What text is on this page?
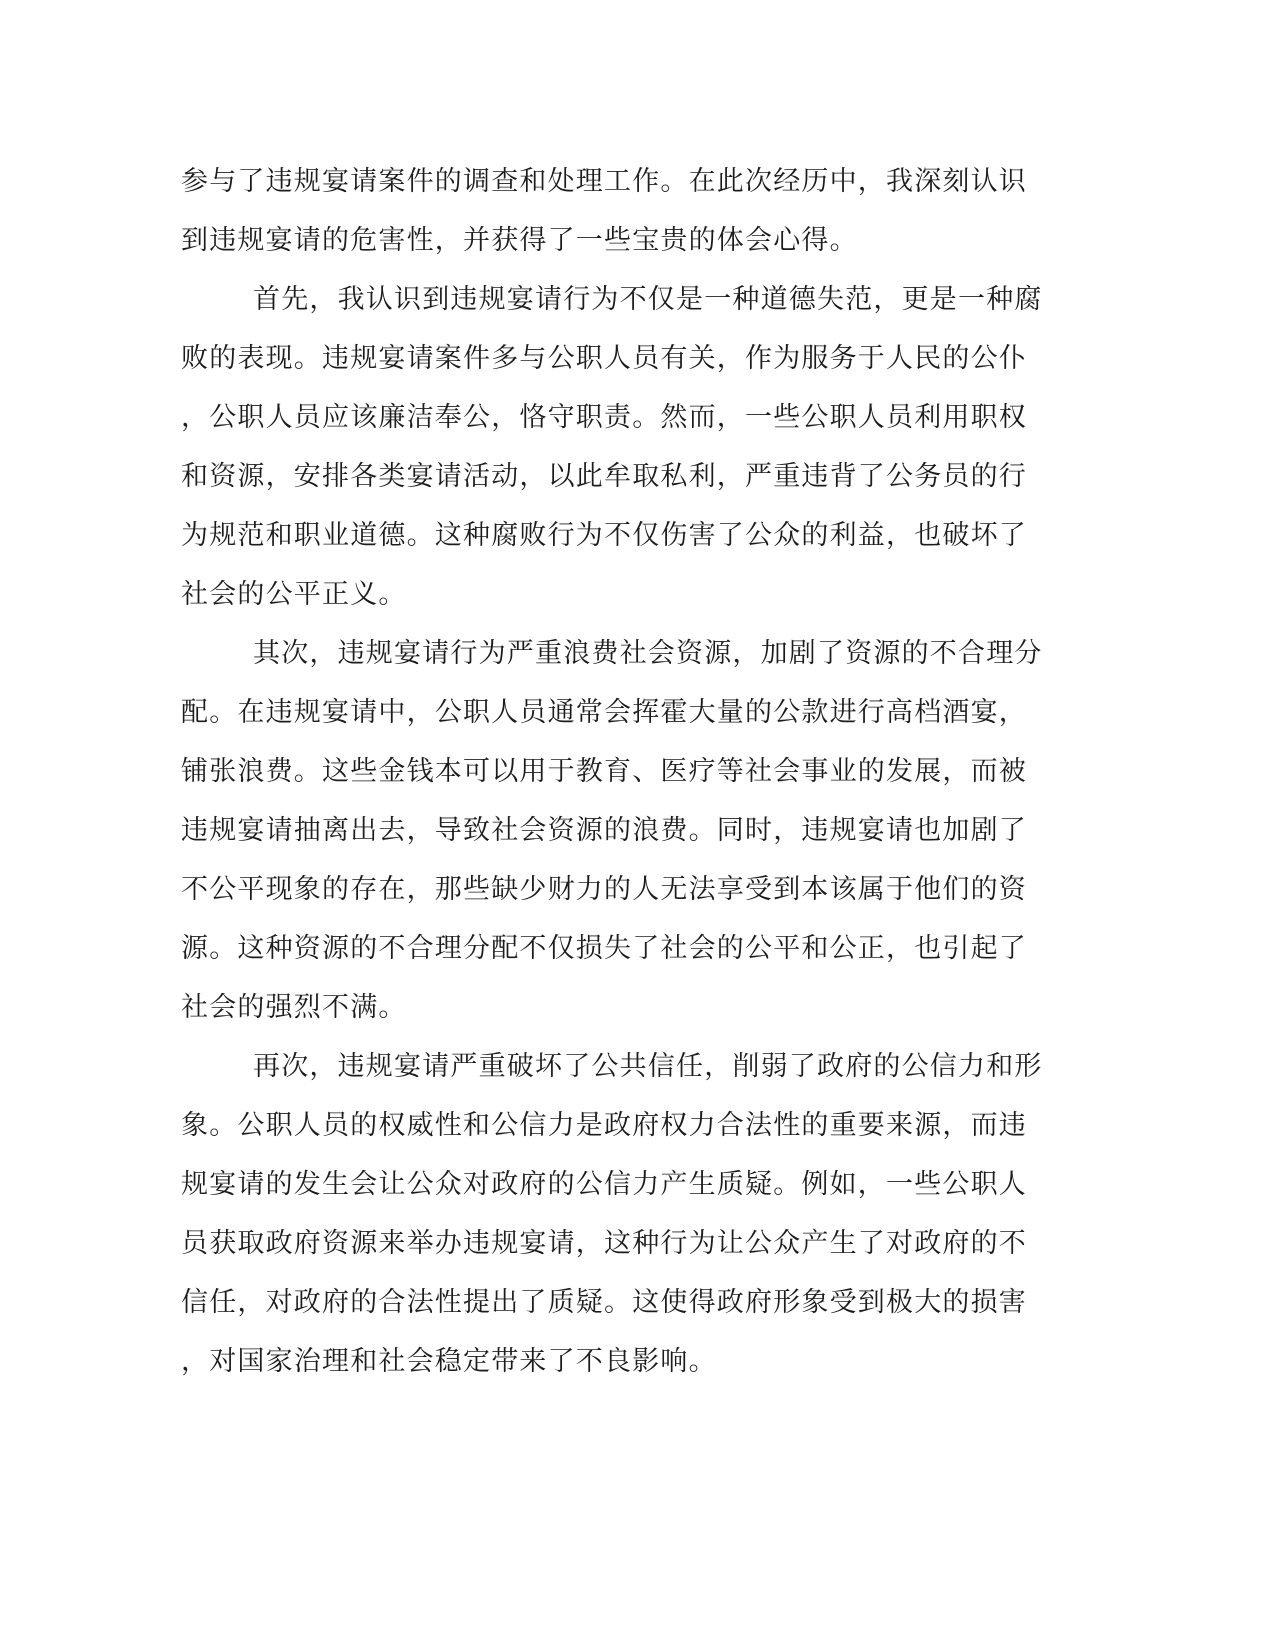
参与了违规宴请案件的调查和处理工作。在此次经历中，我深刻认识
到违规宴请的危害性，并获得了一些宝贵的体会心得。
首先，我认识到违规宴请行为不仅是一种道德失范，更是一种腐
败的表现。违规宴请案件多与公职人员有关，作为服务于人民的公仆
，公职人员应该廉洁奉公，恪守职责。然而，一些公职人员利用职权
和资源，安排各类宴请活动，以此牟取私利，严重违背了公务员的行
为规范和职业道德。这种腐败行为不仅伤害了公众的利益，也破坏了
社会的公平正义。
其次，违规宴请行为严重浪费社会资源，加剧了资源的不合理分
配。在违规宴请中，公职人员通常会挥霍大量的公款进行高档酒宴，
铺张浪费。这些金钱本可以用于教育、医疗等社会事业的发展，而被
违规宴请抽离出去，导致社会资源的浪费。同时，违规宴请也加剧了
不公平现象的存在，那些缺少财力的人无法享受到本该属于他们的资
源。这种资源的不合理分配不仅损失了社会的公平和公正，也引起了
社会的强烈不满。
再次，违规宴请严重破坏了公共信任，削弱了政府的公信力和形
象。公职人员的权威性和公信力是政府权力合法性的重要来源，而违
规宴请的发生会让公众对政府的公信力产生质疑。例如，一些公职人
员获取政府资源来举办违规宴请，这种行为让公众产生了对政府的不
信任，对政府的合法性提出了质疑。这使得政府形象受到极大的损害
，对国家治理和社会稳定带来了不良影响。
